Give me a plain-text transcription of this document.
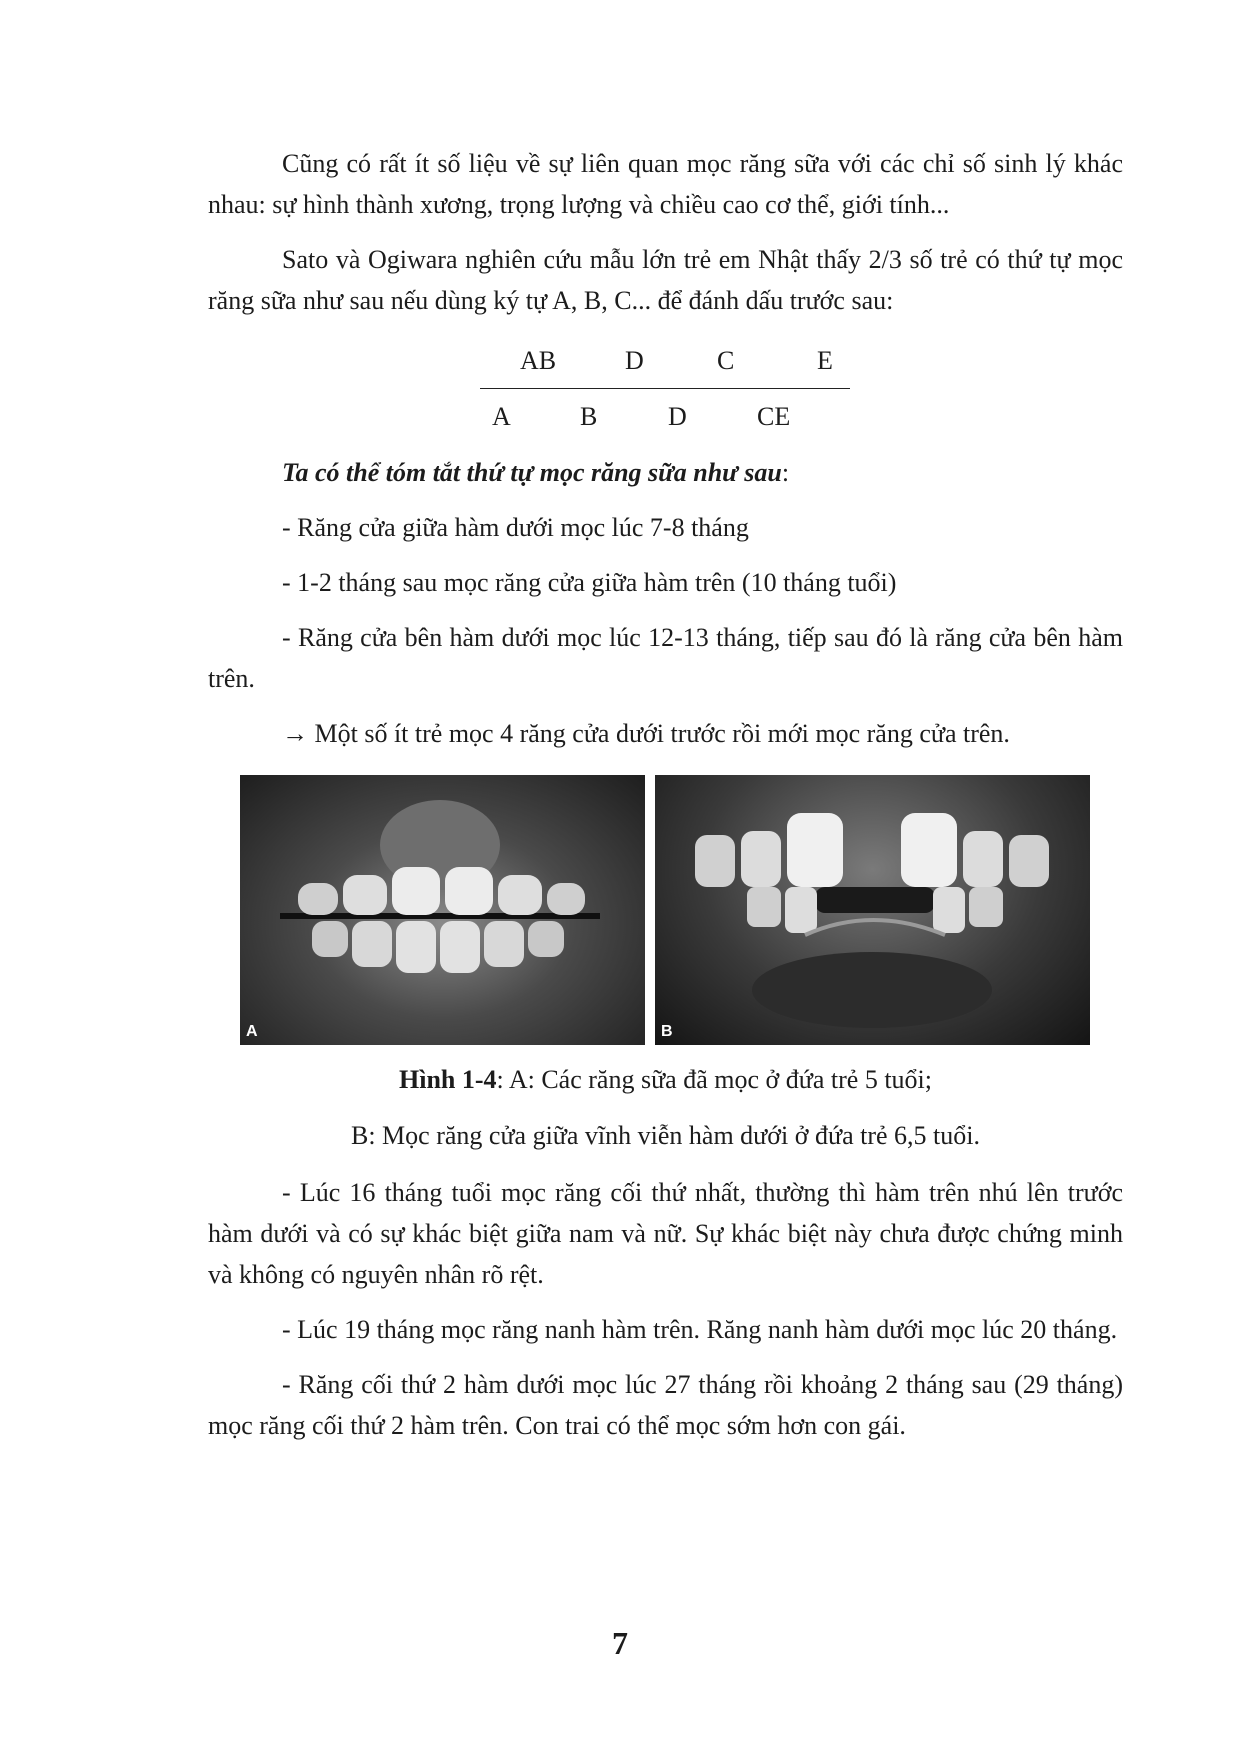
Cũng có rất ít số liệu về sự liên quan mọc răng sữa với các chỉ số sinh lý khác nhau: sự hình thành xương, trọng lượng và chiều cao cơ thể, giới tính...

Sato và Ogiwara nghiên cứu mẫu lớn trẻ em Nhật thấy 2/3 số trẻ có thứ tự mọc răng sữa như sau nếu dùng ký tự A, B, C... để đánh dấu trước sau:

AB	D	C	E
A	B	D	CE

Ta có thể tóm tắt thứ tự mọc răng sữa như sau:

- Răng cửa giữa hàm dưới mọc lúc 7-8 tháng

- 1-2 tháng sau mọc răng cửa giữa hàm trên (10 tháng tuổi)

- Răng cửa bên hàm dưới mọc lúc 12-13 tháng, tiếp sau đó là răng cửa bên hàm trên.

→ Một số ít trẻ mọc 4 răng cửa dưới trước rồi mới mọc răng cửa trên.

A	B
Hình 1-4: A: Các răng sữa đã mọc ở đứa trẻ 5 tuổi;
B: Mọc răng cửa giữa vĩnh viễn hàm dưới ở đứa trẻ 6,5 tuổi.

- Lúc 16 tháng tuổi mọc răng cối thứ nhất, thường thì hàm trên nhú lên trước hàm dưới và có sự khác biệt giữa nam và nữ. Sự khác biệt này chưa được chứng minh và không có nguyên nhân rõ rệt.

- Lúc 19 tháng mọc răng nanh hàm trên. Răng nanh hàm dưới mọc lúc 20 tháng.

- Răng cối thứ 2 hàm dưới mọc lúc 27 tháng rồi khoảng 2 tháng sau (29 tháng) mọc răng cối thứ 2 hàm trên. Con trai có thể mọc sớm hơn con gái.

7
